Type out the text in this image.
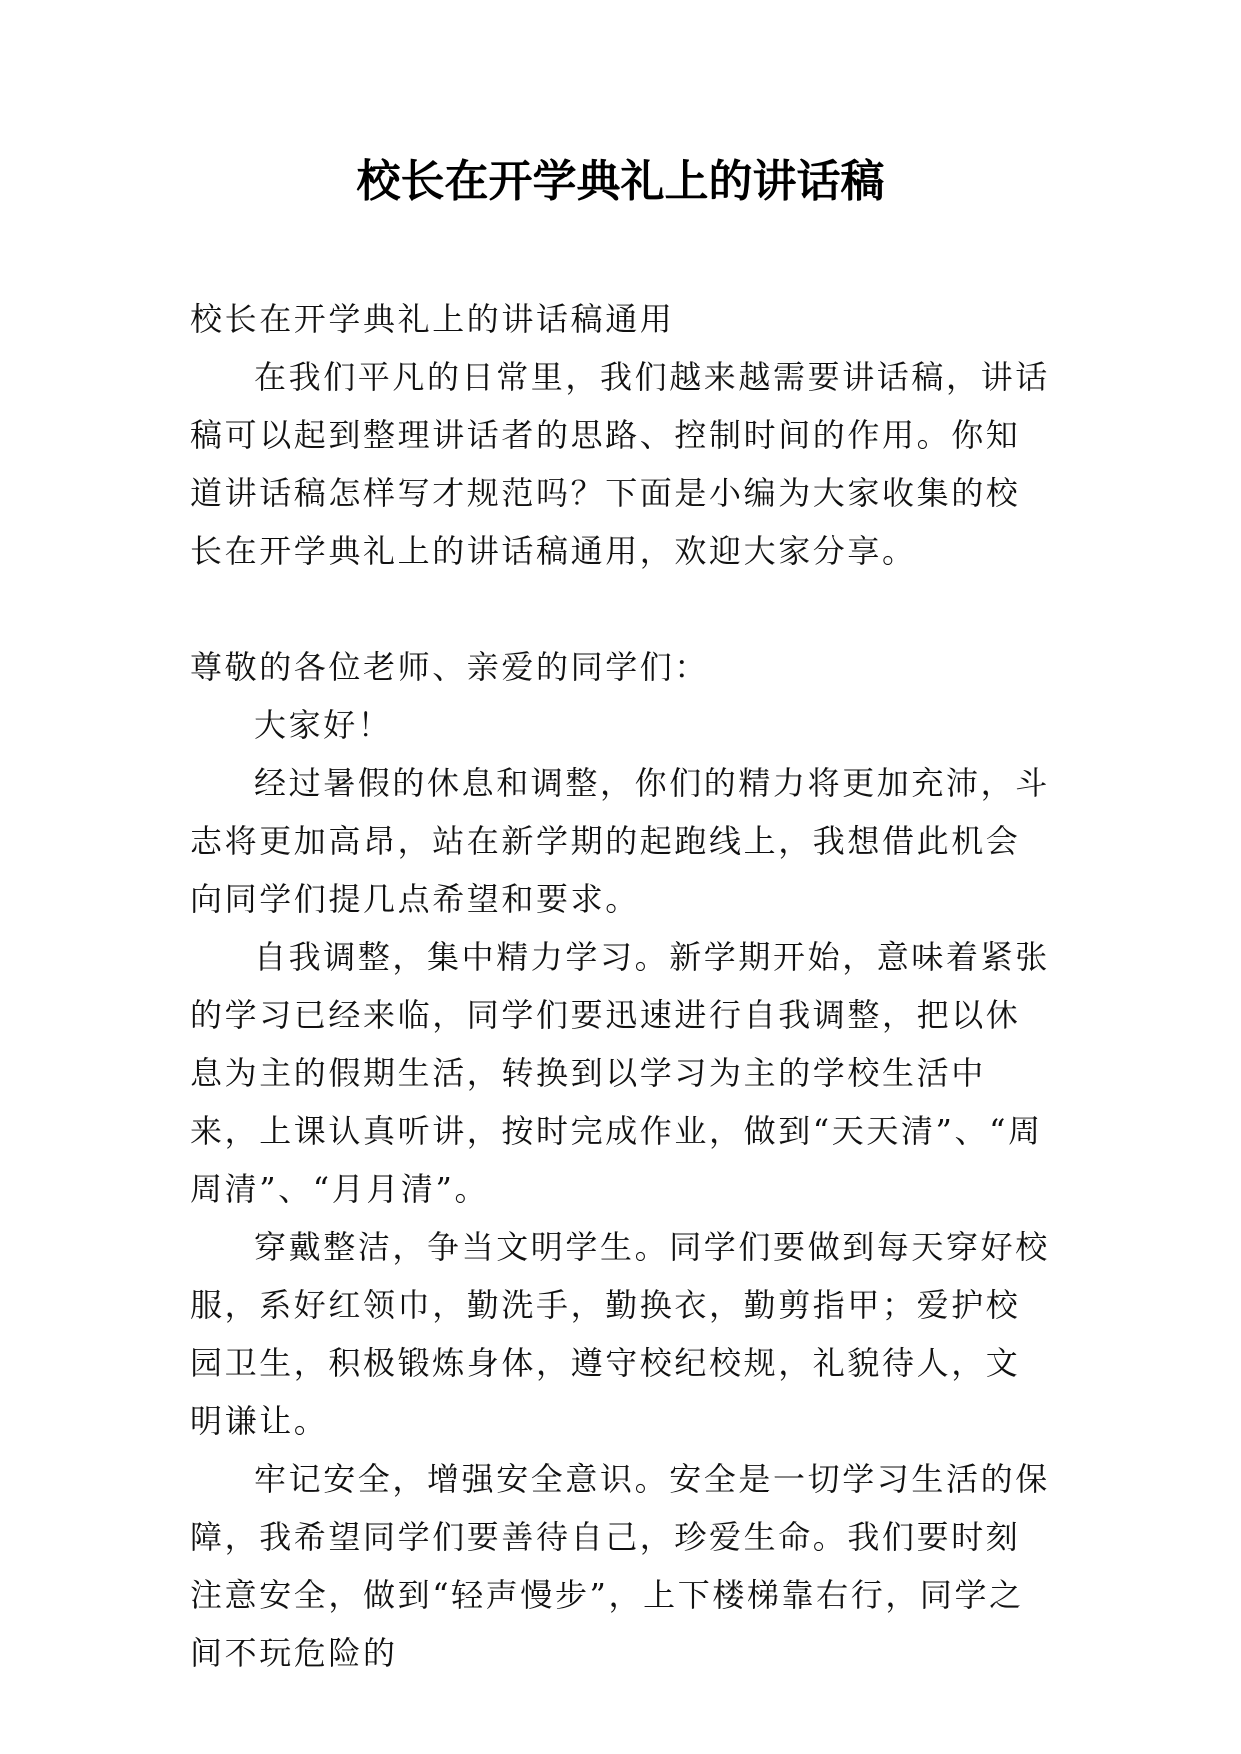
校长在开学典礼上的讲话稿

校长在开学典礼上的讲话稿通用

在我们平凡的日常里，我们越来越需要讲话稿，讲话稿可以起到整理讲话者的思路、控制时间的作用。你知道讲话稿怎样写才规范吗？下面是小编为大家收集的校长在开学典礼上的讲话稿通用，欢迎大家分享。

尊敬的各位老师、亲爱的同学们：

大家好！

经过暑假的休息和调整，你们的精力将更加充沛，斗志将更加高昂，站在新学期的起跑线上，我想借此机会向同学们提几点希望和要求。

自我调整，集中精力学习。新学期开始，意味着紧张的学习已经来临，同学们要迅速进行自我调整，把以休息为主的假期生活，转换到以学习为主的学校生活中来，上课认真听讲，按时完成作业，做到“天天清”、“周周清”、“月月清”。

穿戴整洁，争当文明学生。同学们要做到每天穿好校服，系好红领巾，勤洗手，勤换衣，勤剪指甲；爱护校园卫生，积极锻炼身体，遵守校纪校规，礼貌待人，文明谦让。

牢记安全，增强安全意识。安全是一切学习生活的保障，我希望同学们要善待自己，珍爱生命。我们要时刻注意安全，做到“轻声慢步”，上下楼梯靠右行，同学之间不玩危险的
